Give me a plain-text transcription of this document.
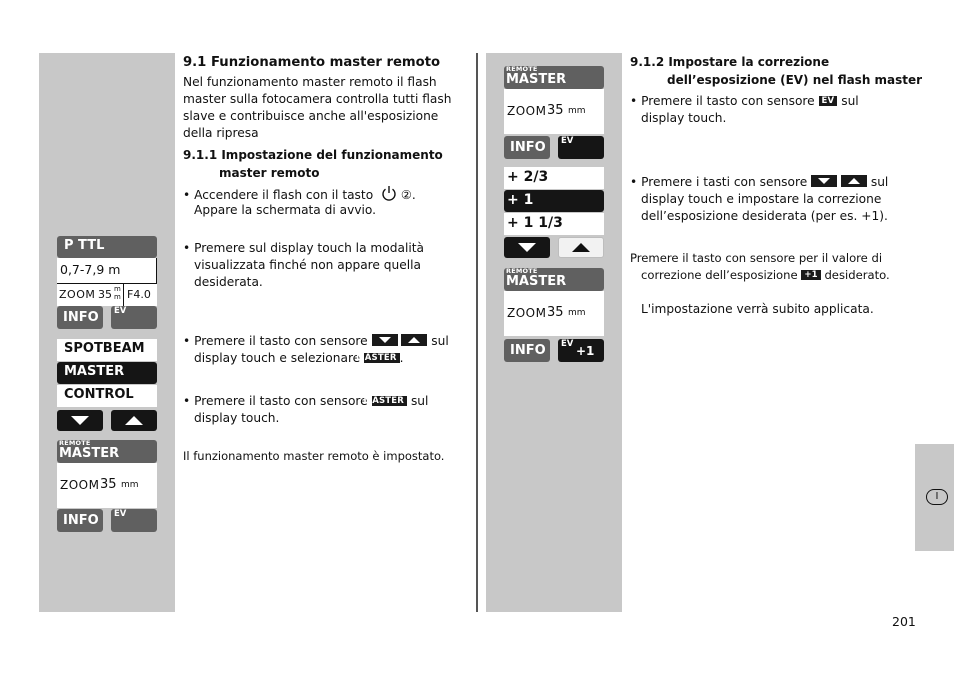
I
P TTL
0,7-7,9 m
ZOOM 35 m
m F4.0
INFO EV
SPOTBEAM
MASTER
CONTROL
REMOTE
MASTER
ZOOM 35 mm
INFO EV
REMOTE
MASTER
ZOOM 35 mm
INFO EV
+ 2/3
+ 1
+ 1 1/3
REMOTE
MASTER
ZOOM 35 mm
INFO EV +1
9.1 Funzionamento master remoto
Nel funzionamento master remoto il flash master sulla fotocamera controlla tutti flash slave e contribuisce anche all'esposizione della ripresa
9.1.1 Impostazione del funzionamento
master remoto
• Accendere il flash con il tasto ②.
Appare la schermata di avvio.
• Premere sul display touch la modalità visualizzata finché non appare quella desiderata.
• Premere il tasto con sensore
	sul
display touch e selezionare MASTER .
• Premere il tasto con sensore MASTER sul
display touch.
Il funzionamento master remoto è impostato.
9.1.2 Impostare la correzione
dell’esposizione (EV) nel flash master
• Premere il tasto con sensore EV sul
display touch.
• Premere i tasti con sensore
	sul
display touch e impostare la correzione
dell’esposizione desiderata (per es. +1).
Premere il tasto con sensore per il valore di
correzione dell’esposizione +1 desiderato.
L'impostazione verrà subito applicata.
201
